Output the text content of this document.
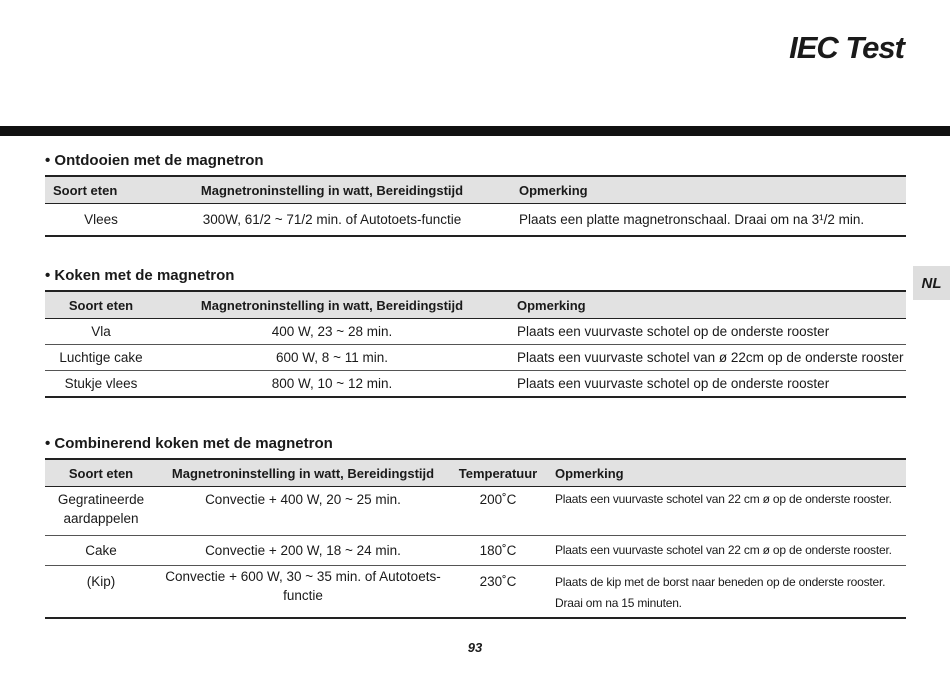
IEC Test
NL
• Ontdooien met de magnetron
Soort eten	Magnetroninstelling in watt, Bereidingstijd	Opmerking
Vlees	300W, 61/2 ~ 71/2 min. of Autotoets-functie	Plaats een platte magnetronschaal. Draai om na 3¹/2 min.
• Koken met de magnetron
Soort eten	Magnetroninstelling in watt, Bereidingstijd	Opmerking
Vla	400 W, 23 ~ 28 min.	Plaats een vuurvaste schotel op de onderste rooster
Luchtige cake	600 W, 8 ~ 11 min.	Plaats een vuurvaste schotel van ø 22cm op de onderste rooster
Stukje vlees	800 W, 10 ~ 12 min.	Plaats een vuurvaste schotel op de onderste rooster
• Combinerend koken met de magnetron
Soort eten	Magnetroninstelling in watt, Bereidingstijd	Temperatuur	Opmerking
Gegratineerde aardappelen	Convectie + 400 W, 20 ~ 25 min.	200˚C	Plaats een vuurvaste schotel van 22 cm ø op de onderste rooster.
Cake	Convectie + 200 W, 18 ~ 24 min.	180˚C	Plaats een vuurvaste schotel van 22 cm ø op de onderste rooster.
(Kip)	Convectie + 600 W, 30 ~ 35 min. of Autotoets-functie	230˚C	Plaats de kip met de borst naar beneden op de onderste rooster. Draai om na 15 minuten.
93
